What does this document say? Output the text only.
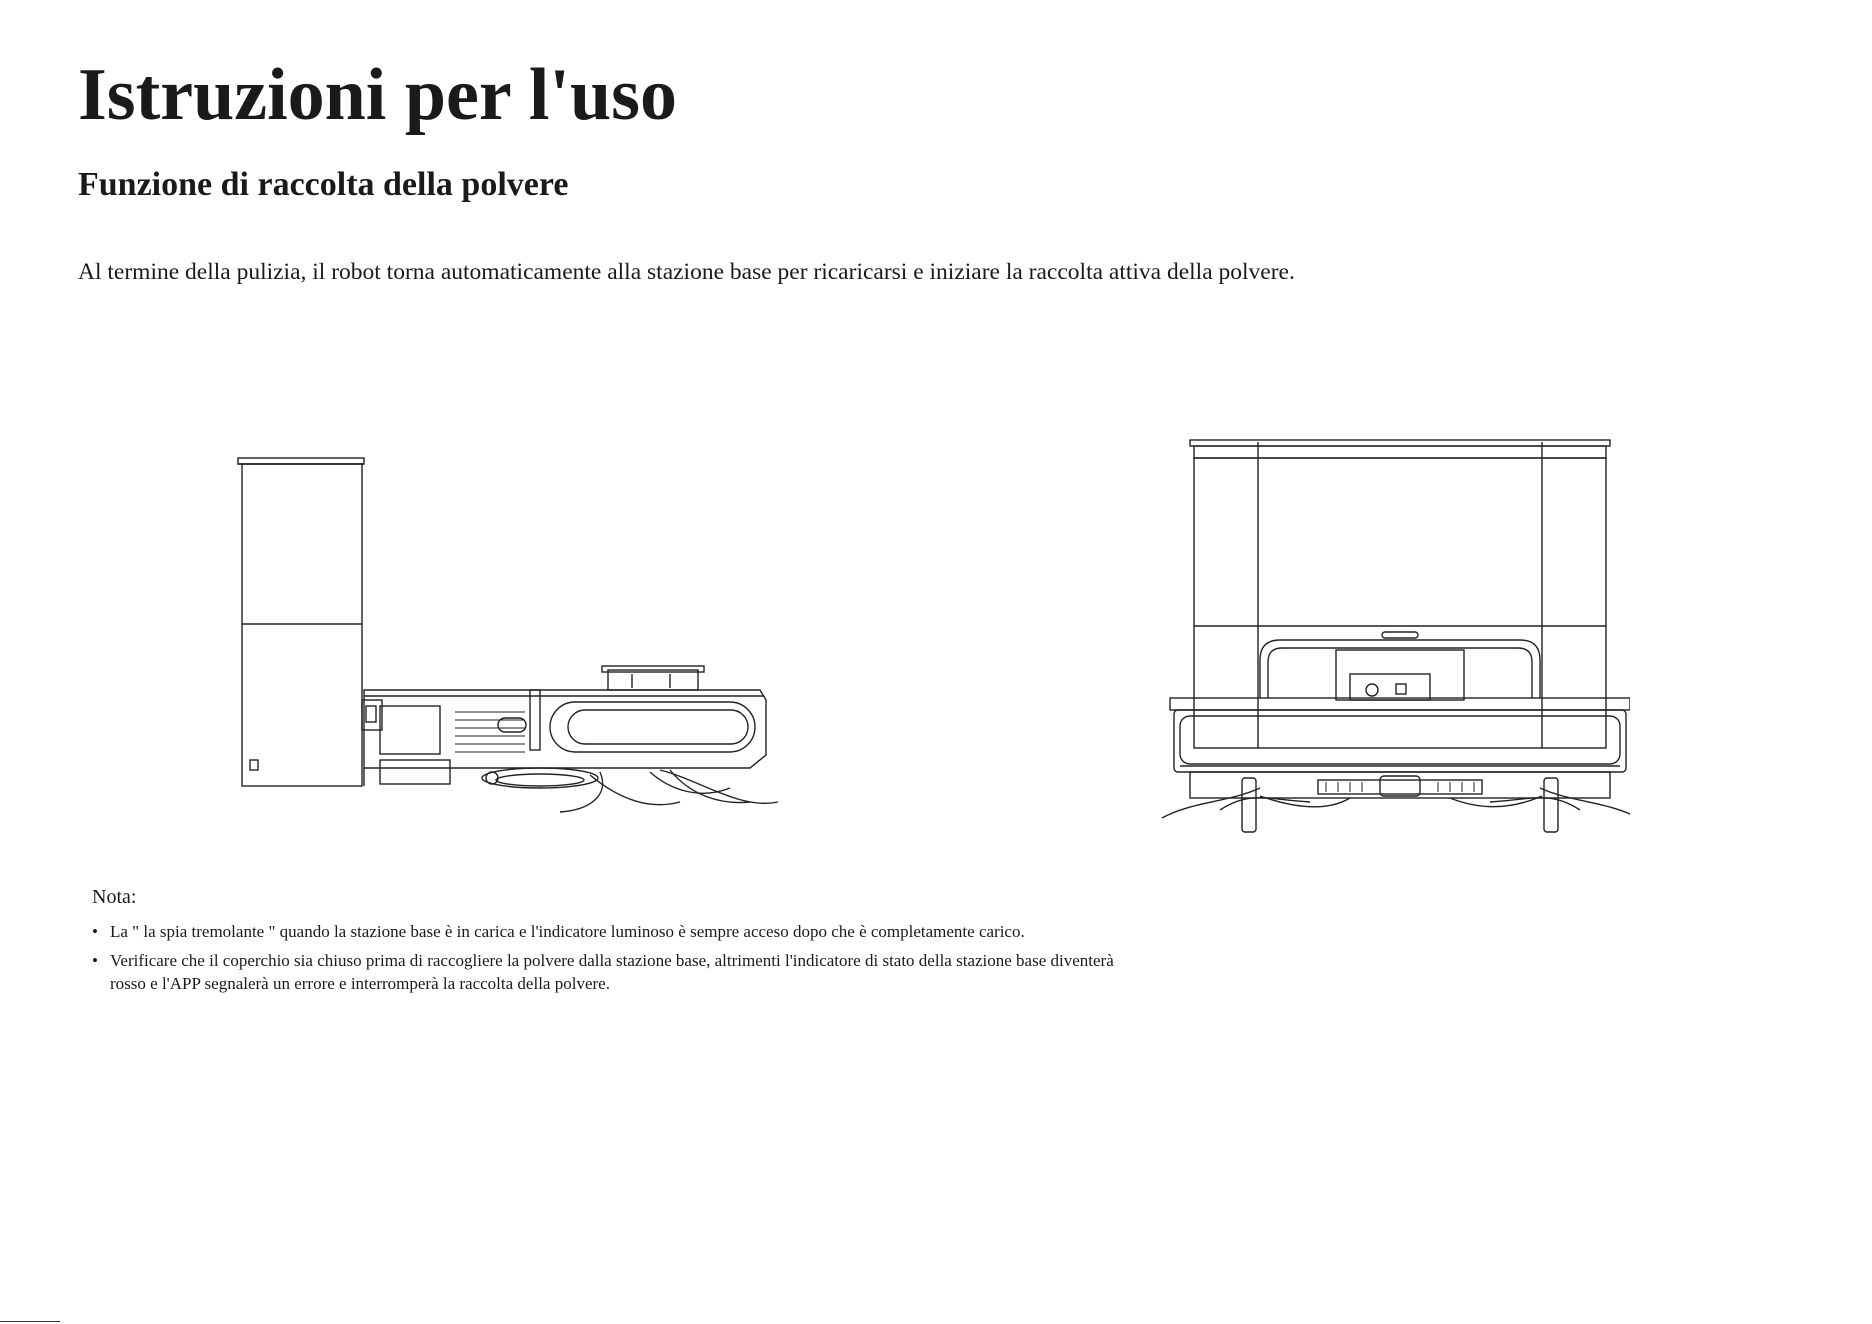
Istruzioni per l'uso
Funzione di raccolta della polvere

Al termine della pulizia, il robot torna automaticamente alla stazione base per ricaricarsi e iniziare la raccolta attiva della polvere.

Nota:

• La " la spia tremolante " quando la stazione base è in carica e l'indicatore luminoso è sempre acceso dopo che è completamente carico.
• Verificare che il coperchio sia chiuso prima di raccogliere la polvere dalla stazione base, altrimenti l'indicatore di stato della stazione base diventerà rosso e l'APP segnalerà un errore e interromperà la raccolta della polvere.
